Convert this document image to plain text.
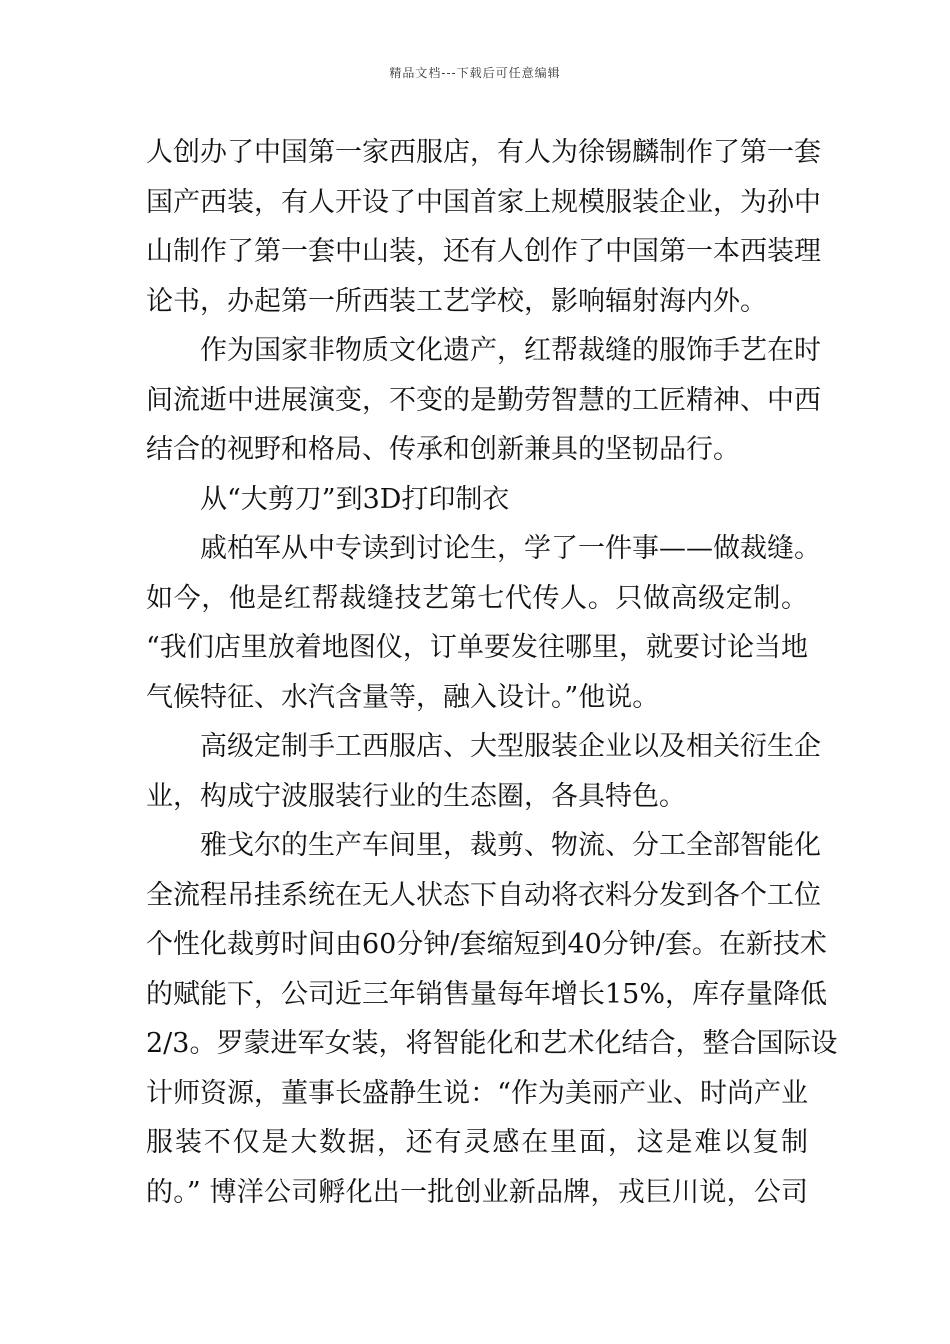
精品文档---下载后可任意编辑
人创办了中国第一家西服店，有人为徐锡麟制作了第一套
国产西装，有人开设了中国首家上规模服装企业，为孙中
山制作了第一套中山装，还有人创作了中国第一本西装理
论书，办起第一所西装工艺学校，影响辐射海内外。
作为国家非物质文化遗产，红帮裁缝的服饰手艺在时
间流逝中进展演变，不变的是勤劳智慧的工匠精神、中西
结合的视野和格局、传承和创新兼具的坚韧品行。
从“大剪刀”到3D打印制衣
戚柏军从中专读到讨论生，学了一件事——做裁缝。
如今，他是红帮裁缝技艺第七代传人。只做高级定制。
“我们店里放着地图仪，订单要发往哪里，就要讨论当地
气候特征、水汽含量等，融入设计。”他说。
高级定制手工西服店、大型服装企业以及相关衍生企
业，构成宁波服装行业的生态圈，各具特色。
雅戈尔的生产车间里，裁剪、物流、分工全部智能化
全流程吊挂系统在无人状态下自动将衣料分发到各个工位
个性化裁剪时间由60分钟/套缩短到40分钟/套。在新技术
的赋能下，公司近三年销售量每年增长15%，库存量降低
2/3。罗蒙进军女装，将智能化和艺术化结合，整合国际设
计师资源，董事长盛静生说：“作为美丽产业、时尚产业
服装不仅是大数据，还有灵感在里面，这是难以复制
的。” 博洋公司孵化出一批创业新品牌，戎巨川说，公司
